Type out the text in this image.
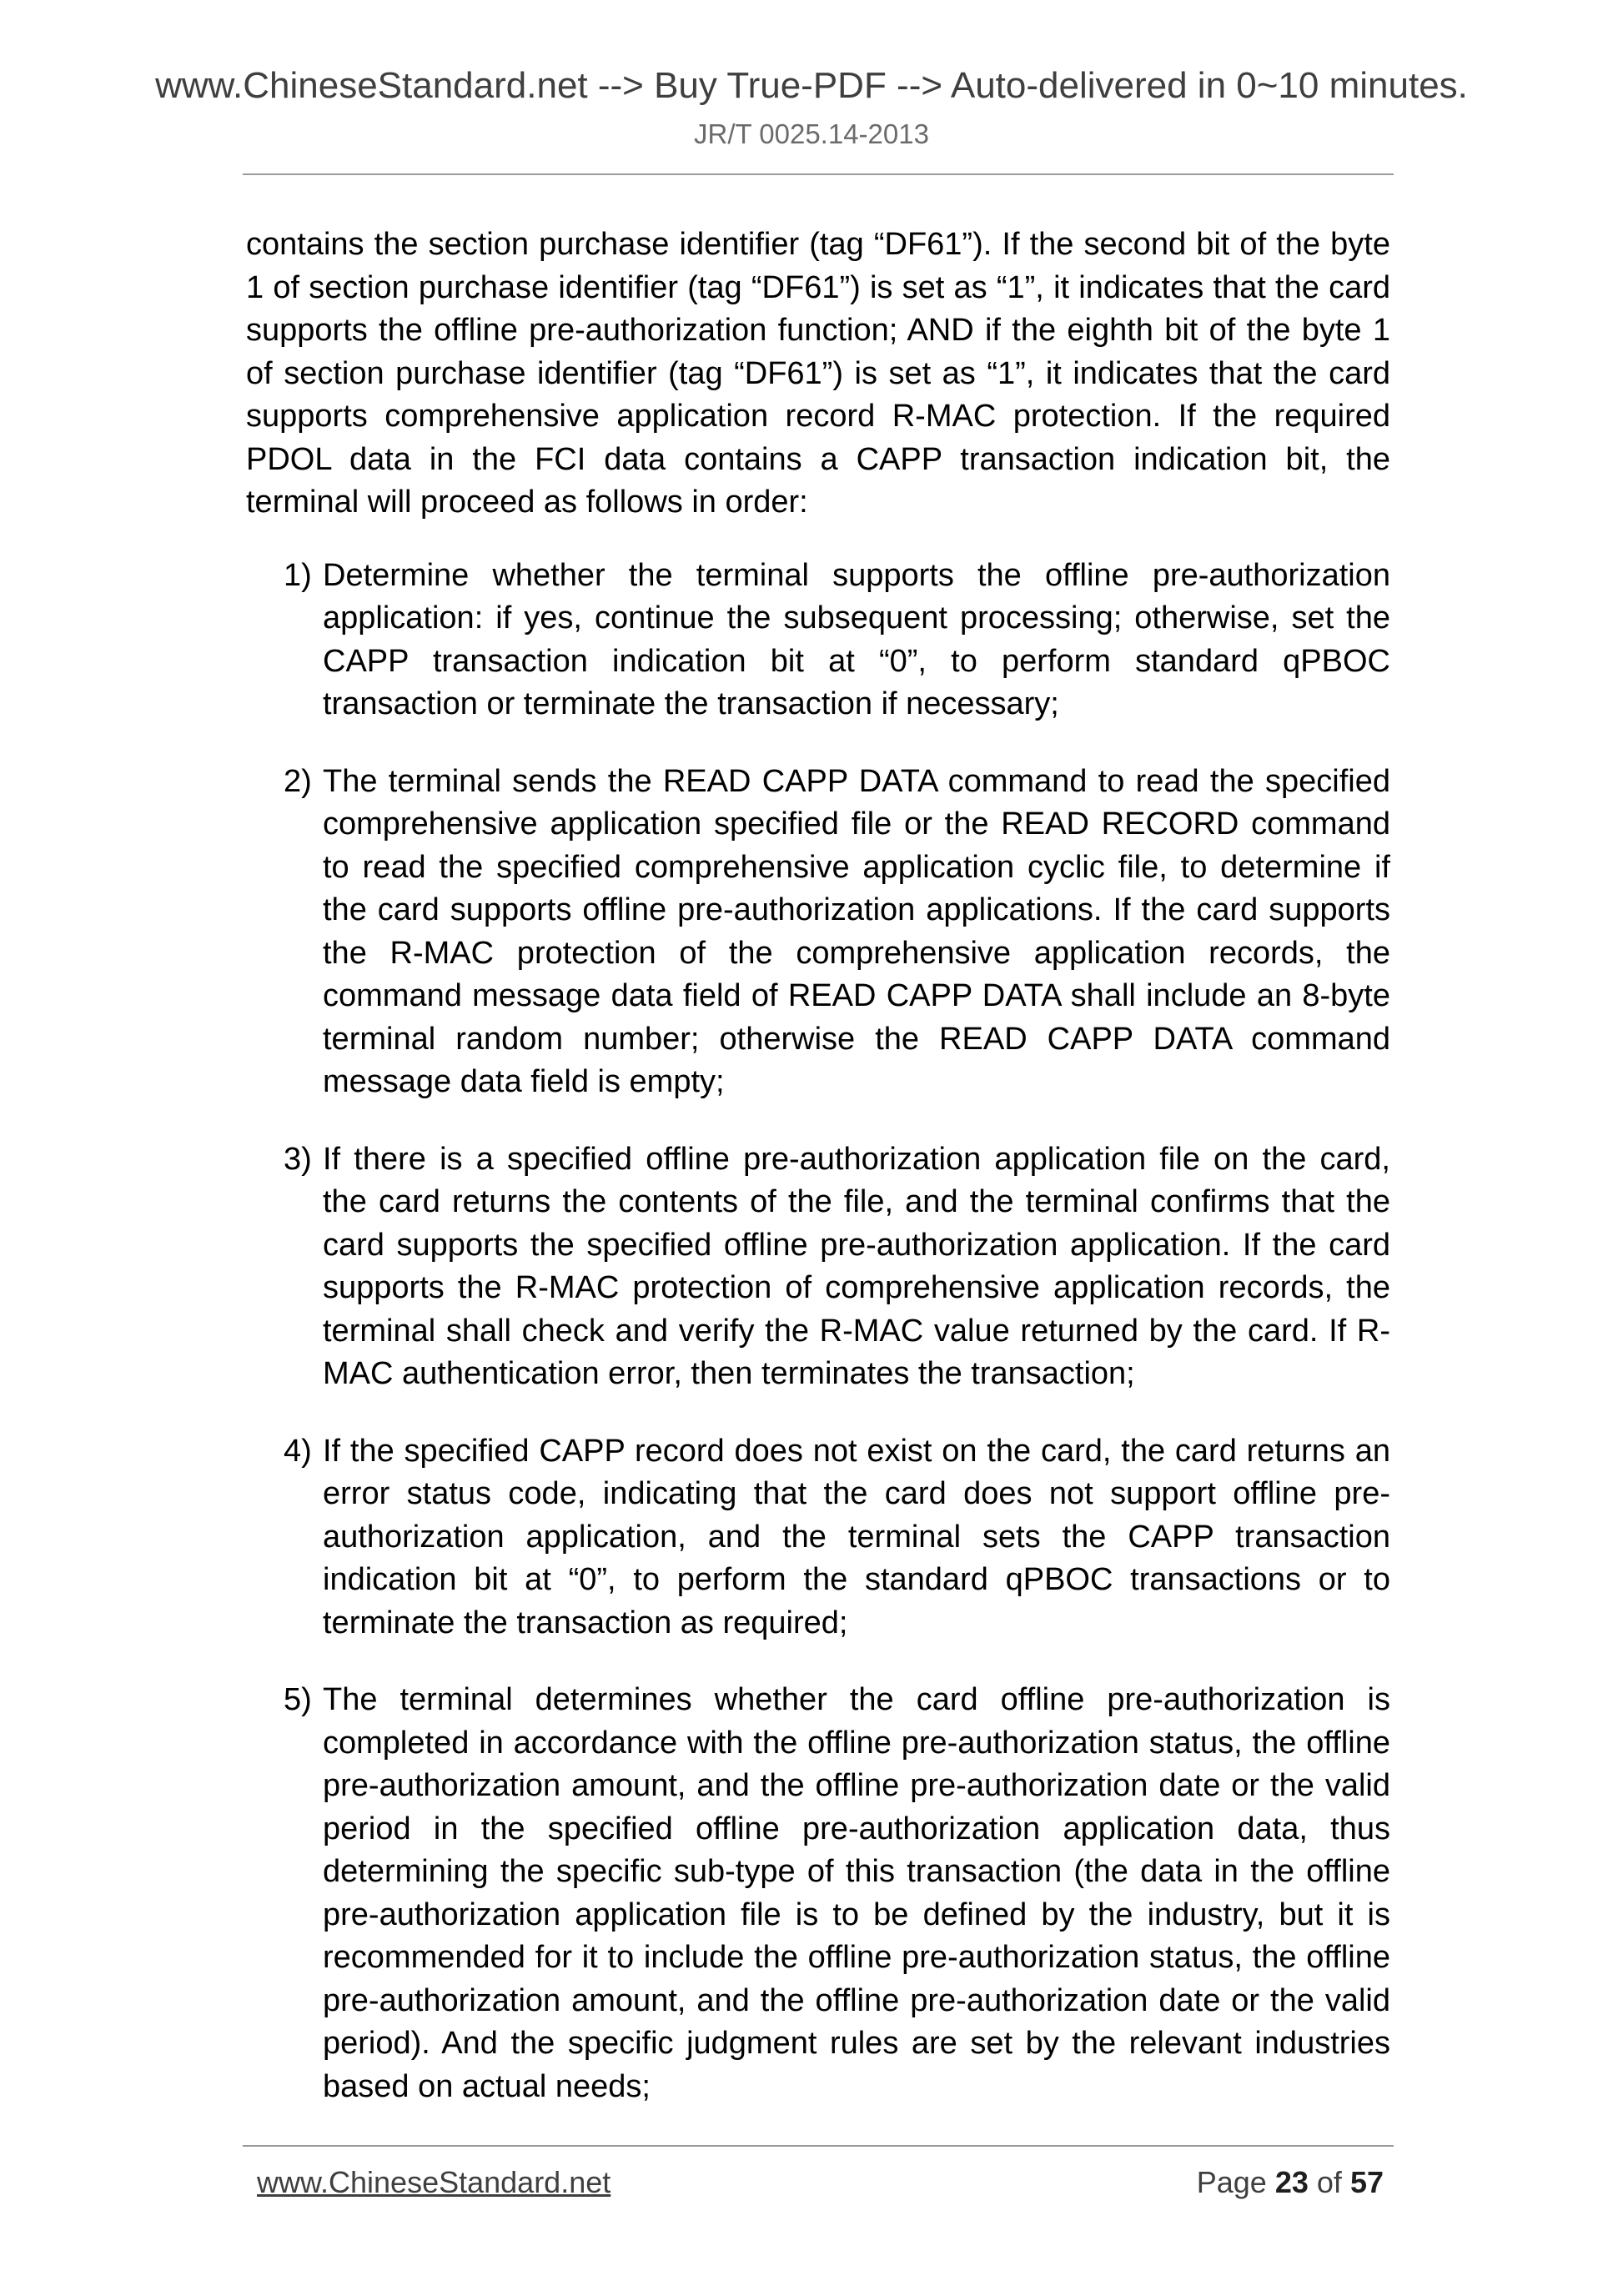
www.ChineseStandard.net --> Buy True-PDF --> Auto-delivered in 0~10 minutes.
JR/T 0025.14-2013

contains the section purchase identifier (tag “DF61”). If the second bit of the byte 1 of section purchase identifier (tag “DF61”) is set as “1”, it indicates that the card supports the offline pre-authorization function; AND if the eighth bit of the byte 1 of section purchase identifier (tag “DF61”) is set as “1”, it indicates that the card supports comprehensive application record R-MAC protection. If the required PDOL data in the FCI data contains a CAPP transaction indication bit, the terminal will proceed as follows in order:

1) Determine whether the terminal supports the offline pre-authorization application: if yes, continue the subsequent processing; otherwise, set the CAPP transaction indication bit at “0”, to perform standard qPBOC transaction or terminate the transaction if necessary;
2) The terminal sends the READ CAPP DATA command to read the specified comprehensive application specified file or the READ RECORD command to read the specified comprehensive application cyclic file, to determine if the card supports offline pre-authorization applications. If the card supports the R-MAC protection of the comprehensive application records, the command message data field of READ CAPP DATA shall include an 8-byte terminal random number; otherwise the READ CAPP DATA command message data field is empty;
3) If there is a specified offline pre-authorization application file on the card, the card returns the contents of the file, and the terminal confirms that the card supports the specified offline pre-authorization application. If the card supports the R-MAC protection of comprehensive application records, the terminal shall check and verify the R-MAC value returned by the card. If R-MAC authentication error, then terminates the transaction;
4) If the specified CAPP record does not exist on the card, the card returns an error status code, indicating that the card does not support offline pre-authorization application, and the terminal sets the CAPP transaction indication bit at “0”, to perform the standard qPBOC transactions or to terminate the transaction as required;
5) The terminal determines whether the card offline pre-authorization is completed in accordance with the offline pre-authorization status, the offline pre-authorization amount, and the offline pre-authorization date or the valid period in the specified offline pre-authorization application data, thus determining the specific sub-type of this transaction (the data in the offline pre-authorization application file is to be defined by the industry, but it is recommended for it to include the offline pre-authorization status, the offline pre-authorization amount, and the offline pre-authorization date or the valid period). And the specific judgment rules are set by the relevant industries based on actual needs;
www.ChineseStandard.net	Page 23 of 57
